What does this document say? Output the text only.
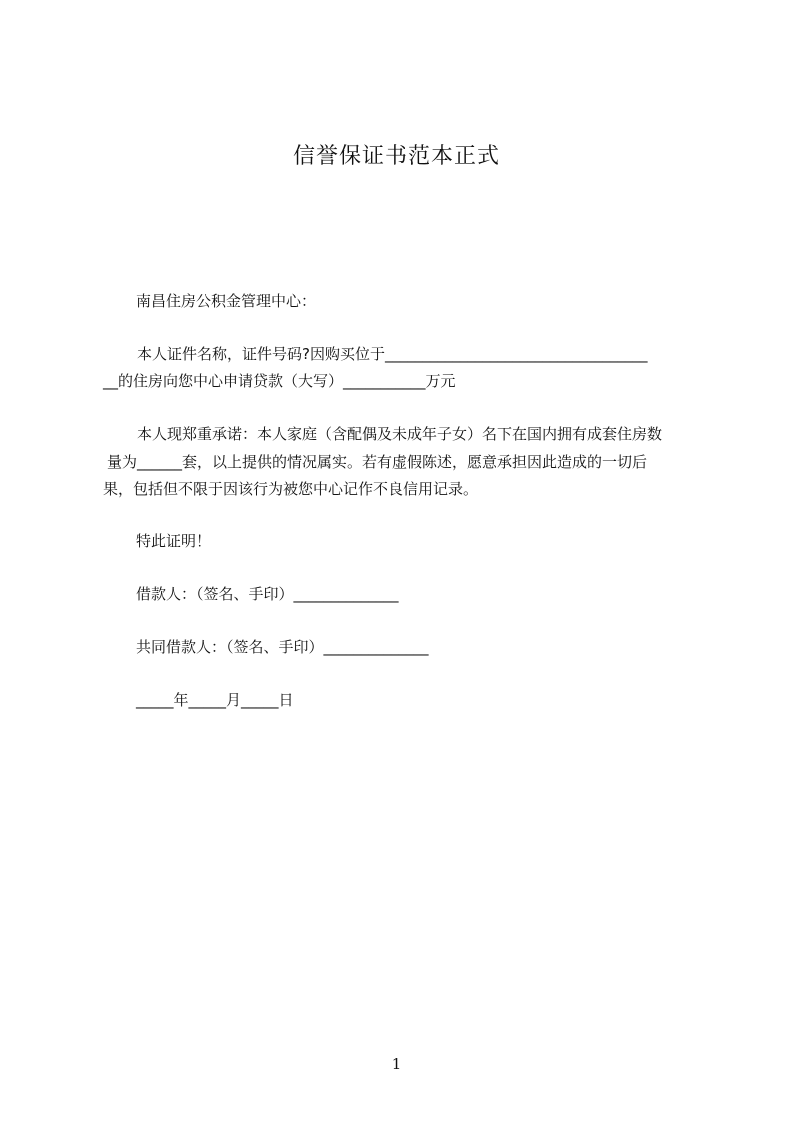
信誉保证书范本正式

南昌住房公积金管理中心：

本人证件名称，证件号码?因购买位于___________________________________

__的住房向您中心申请贷款（大写）___________万元

本人现郑重承诺：本人家庭（含配偶及未成年子女）名下在国内拥有成套住房数

量为______套，以上提供的情况属实。若有虚假陈述，愿意承担因此造成的一切后

果，包括但不限于因该行为被您中心记作不良信用记录。

特此证明！

借款人：（签名、手印）______________

共同借款人：（签名、手印）______________

_____年_____月_____日

1
